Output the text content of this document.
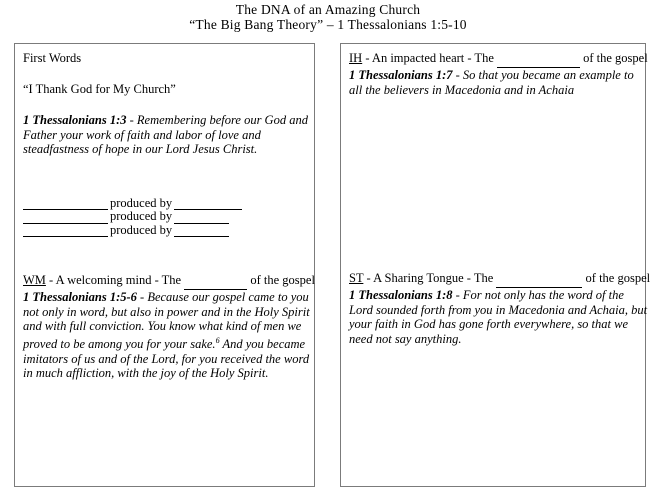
The DNA of an Amazing Church
“The Big Bang Theory” – 1 Thessalonians 1:5-10
First Words
“I Thank God for My Church”
1 Thessalonians 1:3 - Remembering before our God and
Father your work of faith and labor of love and
steadfastness of hope in our Lord Jesus Christ.
produced by
produced by
produced by
WM - A welcoming mind - The	of the gospel
1 Thessalonians 1:5-6 - Because our gospel came to you
not only in word, but also in power and in the Holy Spirit
and with full conviction. You know what kind of men we
proved to be among you for your sake.$^6$ And you became
imitators of us and of the Lord, for you received the word
in much affliction, with the joy of the Holy Spirit.
IH - An impacted heart - The	of the gospel
1 Thessalonians 1:7 - So that you became an example to
all the believers in Macedonia and in Achaia
ST - A Sharing Tongue - The	of the gospel
1 Thessalonians 1:8 - For not only has the word of the
Lord sounded forth from you in Macedonia and Achaia, but
your faith in God has gone forth everywhere, so that we
need not say anything.
